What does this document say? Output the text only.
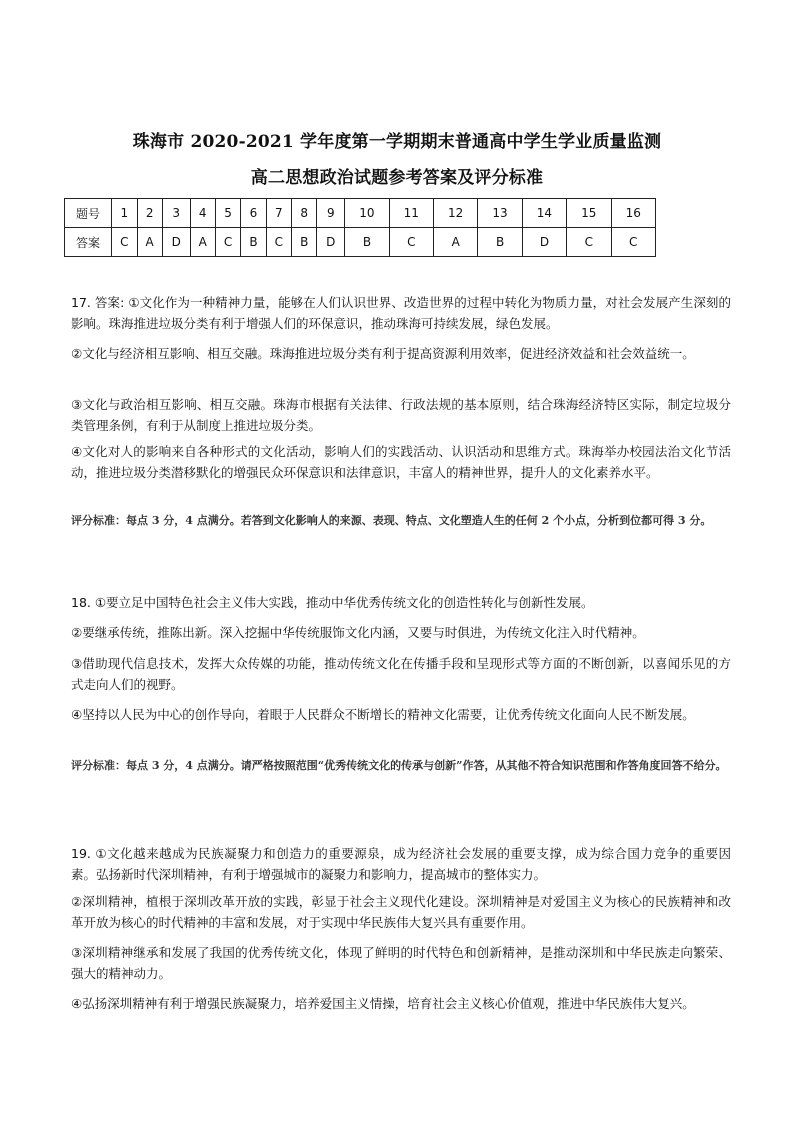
珠海市 2020-2021 学年度第一学期期末普通高中学生学业质量监测
高二思想政治试题参考答案及评分标准
题号	1	2	3	4	5	6	7	8	9	10	11	12	13	14	15	16
答案	C	A	D	A	C	B	C	B	D	B	C	A	B	D	C	C
17. 答案: ①文化作为一种精神力量，能够在人们认识世界、改造世界的过程中转化为物质力量，对社会发展产生深刻的影响。珠海推进垃圾分类有利于增强人们的环保意识，推动珠海可持续发展，绿色发展。
②文化与经济相互影响、相互交融。珠海推进垃圾分类有利于提高资源利用效率，促进经济效益和社会效益统一。
③文化与政治相互影响、相互交融。珠海市根据有关法律、行政法规的基本原则，结合珠海经济特区实际，制定垃圾分类管理条例，有利于从制度上推进垃圾分类。
④文化对人的影响来自各种形式的文化活动，影响人们的实践活动、认识活动和思维方式。珠海举办校园法治文化节活动，推进垃圾分类潜移默化的增强民众环保意识和法律意识，丰富人的精神世界，提升人的文化素养水平。
评分标准：每点 3 分，4 点满分。若答到文化影响人的来源、表现、特点、文化塑造人生的任何 2 个小点，分析到位都可得 3 分。
18. ①要立足中国特色社会主义伟大实践，推动中华优秀传统文化的创造性转化与创新性发展。
②要继承传统，推陈出新。深入挖掘中华传统服饰文化内涵，又要与时俱进，为传统文化注入时代精神。
③借助现代信息技术，发挥大众传媒的功能，推动传统文化在传播手段和呈现形式等方面的不断创新，以喜闻乐见的方式走向人们的视野。
④坚持以人民为中心的创作导向，着眼于人民群众不断增长的精神文化需要，让优秀传统文化面向人民不断发展。
评分标准：每点 3 分，4 点满分。请严格按照范围“优秀传统文化的传承与创新”作答，从其他不符合知识范围和作答角度回答不给分。
19. ①文化越来越成为民族凝聚力和创造力的重要源泉，成为经济社会发展的重要支撑，成为综合国力竞争的重要因素。弘扬新时代深圳精神，有利于增强城市的凝聚力和影响力，提高城市的整体实力。
②深圳精神，植根于深圳改革开放的实践，彰显于社会主义现代化建设。深圳精神是对爱国主义为核心的民族精神和改革开放为核心的时代精神的丰富和发展，对于实现中华民族伟大复兴具有重要作用。
③深圳精神继承和发展了我国的优秀传统文化，体现了鲜明的时代特色和创新精神，是推动深圳和中华民族走向繁荣、强大的精神动力。
④弘扬深圳精神有利于增强民族凝聚力，培养爱国主义情操，培育社会主义核心价值观，推进中华民族伟大复兴。
